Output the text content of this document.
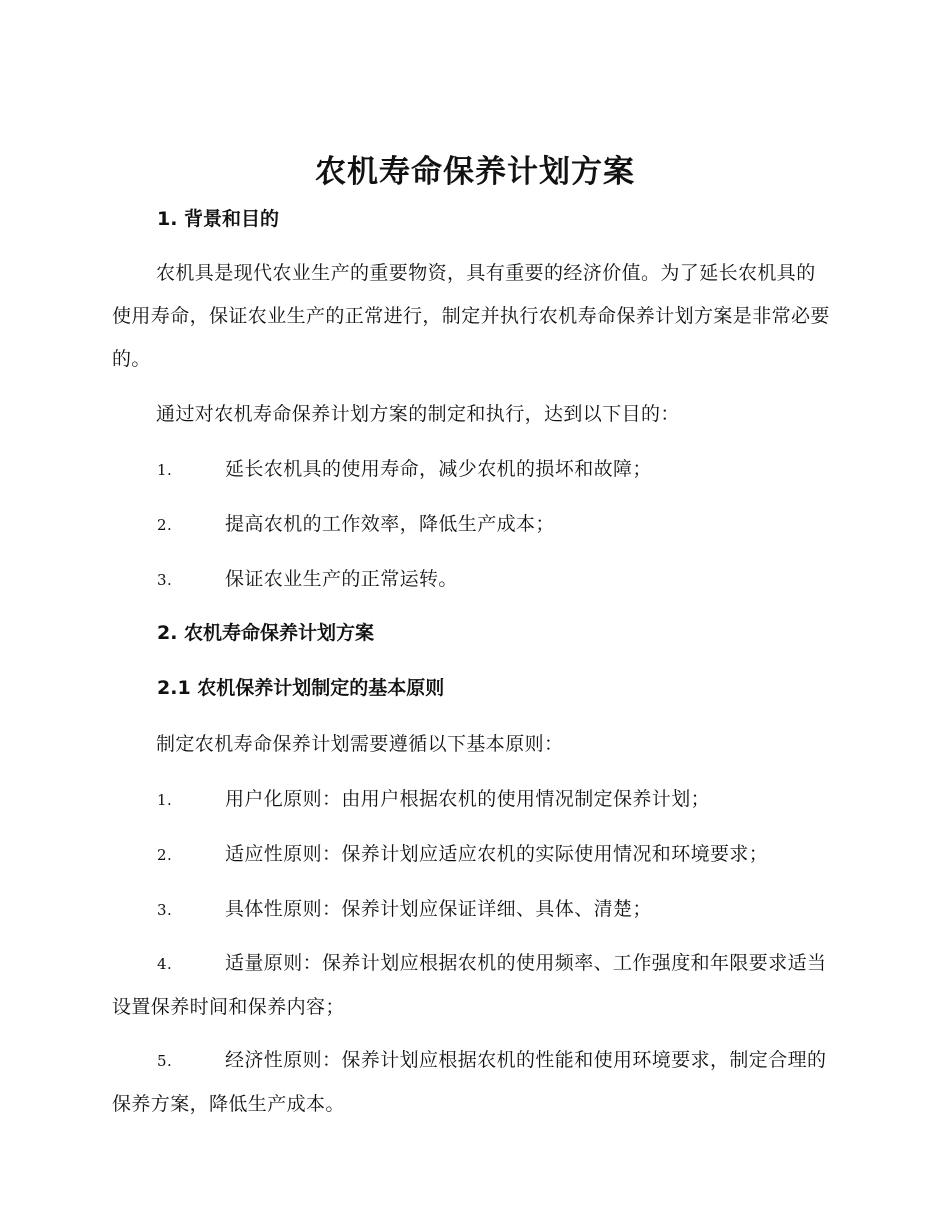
农机寿命保养计划方案
1. 背景和目的

农机具是现代农业生产的重要物资，具有重要的经济价值。为了延长农机具的使用寿命，保证农业生产的正常进行，制定并执行农机寿命保养计划方案是非常必要的。

通过对农机寿命保养计划方案的制定和执行，达到以下目的：

1.	延长农机具的使用寿命，减少农机的损坏和故障；

2.	提高农机的工作效率，降低生产成本；

3.	保证农业生产的正常运转。

2. 农机寿命保养计划方案
2.1 农机保养计划制定的基本原则

制定农机寿命保养计划需要遵循以下基本原则：

1.	用户化原则：由用户根据农机的使用情况制定保养计划；

2.	适应性原则：保养计划应适应农机的实际使用情况和环境要求；

3.	具体性原则：保养计划应保证详细、具体、清楚；

4.	适量原则：保养计划应根据农机的使用频率、工作强度和年限要求适当设置保养时间和保养内容；

5.	经济性原则：保养计划应根据农机的性能和使用环境要求，制定合理的保养方案，降低生产成本。
